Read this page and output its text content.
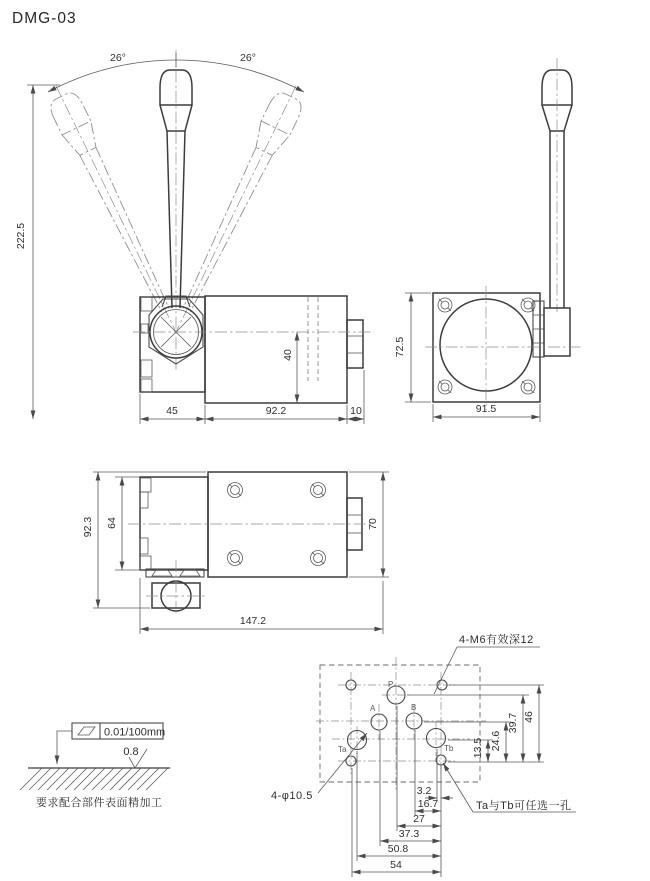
DMG-03
26°	26°
222.5
40
45	92.2	10
72.5
91.5
92.3 64	70
147.2
P
A	B
Ta	Tb
4-M6有效深12
4-φ10.5
Ta与Tb可任选一孔
13.5 24.6
39.7 46
3.2
16.7
27
37.3
50.8
54
0.01/100mm
0.8
要求配合部件表面精加工
